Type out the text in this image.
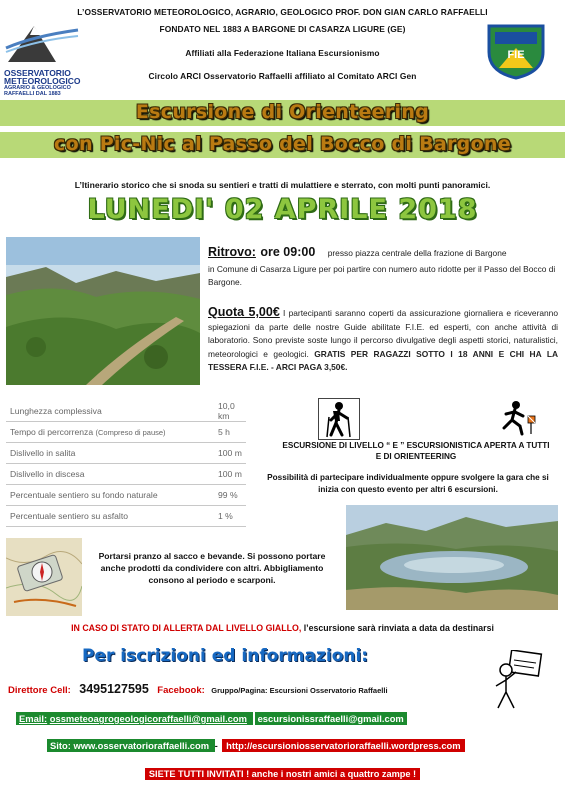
L’OSSERVATORIO METEOROLOGICO, AGRARIO, GEOLOGICO PROF. DON GIAN CARLO RAFFAELLI
FONDATO NEL 1883 A BARGONE DI CASARZA LIGURE (GE)
Affiliati alla Federazione Italiana Escursionismo
Circolo ARCI Osservatorio Raffaelli affiliato al Comitato ARCI Gen
OSSERVATORIO
METEOROLOGICO
AGRARIO & GEOLOGICO
RAFFAELLI DAL 1883
FIE
Escursione di Orienteering
con Pic-Nic al Passo del Bocco di Bargone
L’Itinerario storico che si snoda su sentieri e tratti di mulattiere e sterrato, con molti punti panoramici.
LUNEDI' 02 APRILE 2018
Ritrovo: ore 09:00 presso piazza centrale della frazione di Bargone
in Comune di Casarza Ligure per poi partire con numero auto ridotte per il Passo del Bocco di Bargone.
Quota 5,00€ I partecipanti saranno coperti da assicurazione giornaliera e riceveranno spiegazioni da parte delle nostre Guide abilitate F.I.E. ed esperti, con anche attività di laboratorio. Sono previste soste lungo il percorso divulgative degli aspetti storici, naturalistici, meteorologici e geologici. GRATIS PER RAGAZZI SOTTO I 18 ANNI E CHI HA LA TESSERA F.I.E. - ARCI PAGA 3,50€.
Lunghezza complessiva	10,0 km
Tempo di percorrenza (Compreso di pause)	5 h
Dislivello in salita	100 m
Dislivello in discesa	100 m
Percentuale sentiero su fondo naturale	99 %
Percentuale sentiero su asfalto	1 %
ESCURSIONE DI LIVELLO “ E ” ESCURSIONISTICA APERTA A TUTTI E DI ORIENTEERING
Possibilità di partecipare individualmente oppure svolgere la gara che si inizia con questo evento per altri 6 escursioni.
Portarsi pranzo al sacco e bevande. Si possono portare anche prodotti da condividere con altri. Abbigliamento consono al periodo e scarponi.
IN CASO DI STATO DI ALLERTA DAL LIVELLO GIALLO, l’escursione sarà rinviata a data da destinarsi
Per iscrizioni ed informazioni:
Direttore Cell: 3495127595 Facebook: Gruppo/Pagina: Escursioni Osservatorio Raffaelli
Email: ossmeteoagrogeologicoraffaelli@gmail.com escursionissraffaelli@gmail.com
Sito: www.osservatorioraffaelli.com - http://escursioniosservatorioraffaelli.wordpress.com
SIETE TUTTI INVITATI ! anche i nostri amici a quattro zampe !
